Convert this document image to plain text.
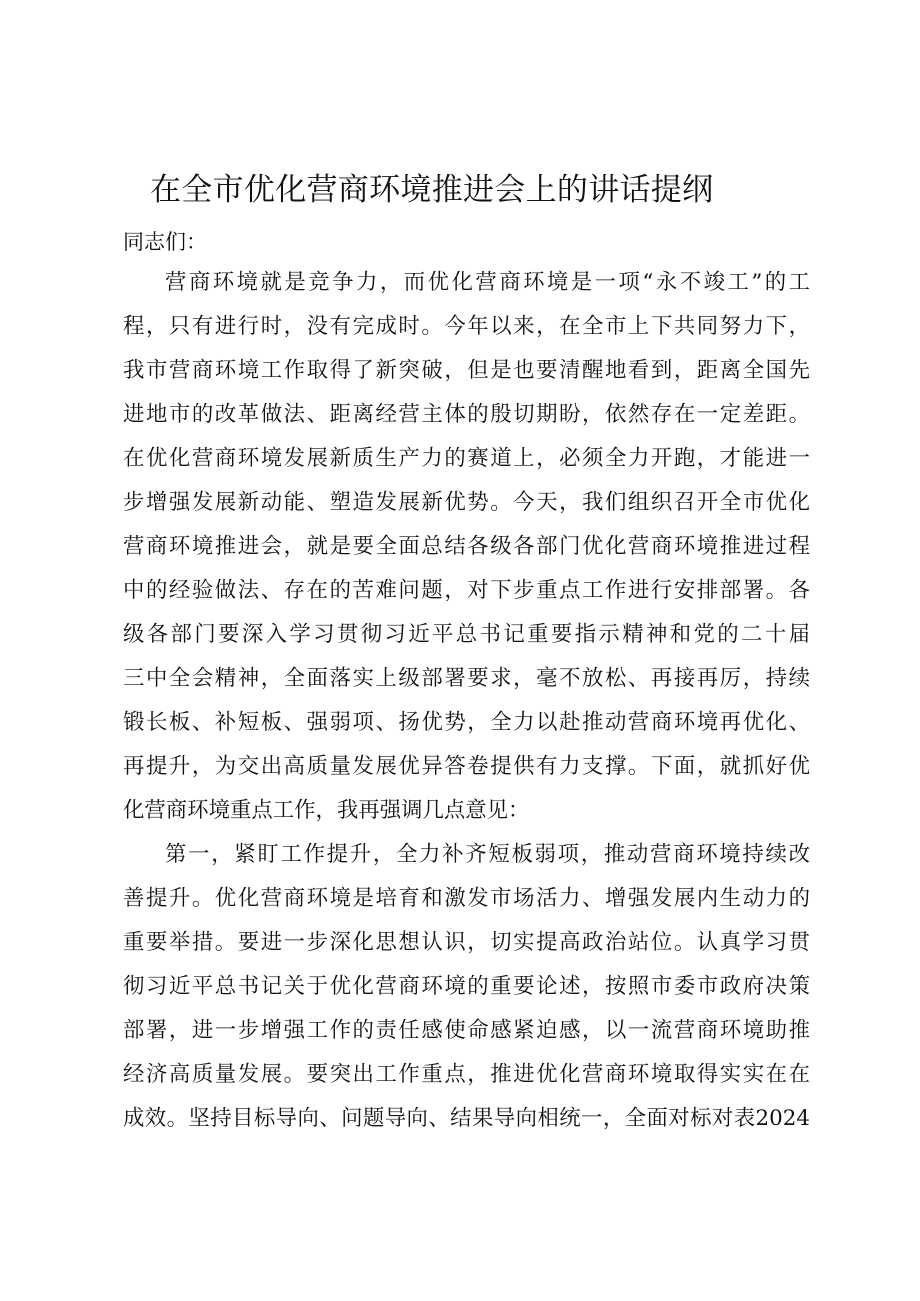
在全市优化营商环境推进会上的讲话提纲
同志们：
营商环境就是竞争力，而优化营商环境是一项“永不竣工”的工
程，只有进行时，没有完成时。今年以来，在全市上下共同努力下，
我市营商环境工作取得了新突破，但是也要清醒地看到，距离全国先
进地市的改革做法、距离经营主体的殷切期盼，依然存在一定差距。
在优化营商环境发展新质生产力的赛道上，必须全力开跑，才能进一
步增强发展新动能、塑造发展新优势。今天，我们组织召开全市优化
营商环境推进会，就是要全面总结各级各部门优化营商环境推进过程
中的经验做法、存在的苦难问题，对下步重点工作进行安排部署。各
级各部门要深入学习贯彻习近平总书记重要指示精神和党的二十届
三中全会精神，全面落实上级部署要求，毫不放松、再接再厉，持续
锻长板、补短板、强弱项、扬优势，全力以赴推动营商环境再优化、
再提升，为交出高质量发展优异答卷提供有力支撑。下面，就抓好优
化营商环境重点工作，我再强调几点意见：
第一，紧盯工作提升，全力补齐短板弱项，推动营商环境持续改
善提升。优化营商环境是培育和激发市场活力、增强发展内生动力的
重要举措。要进一步深化思想认识，切实提高政治站位。认真学习贯
彻习近平总书记关于优化营商环境的重要论述，按照市委市政府决策
部署，进一步增强工作的责任感使命感紧迫感，以一流营商环境助推
经济高质量发展。要突出工作重点，推进优化营商环境取得实实在在
成效。坚持目标导向、问题导向、结果导向相统一，全面对标对表2024
